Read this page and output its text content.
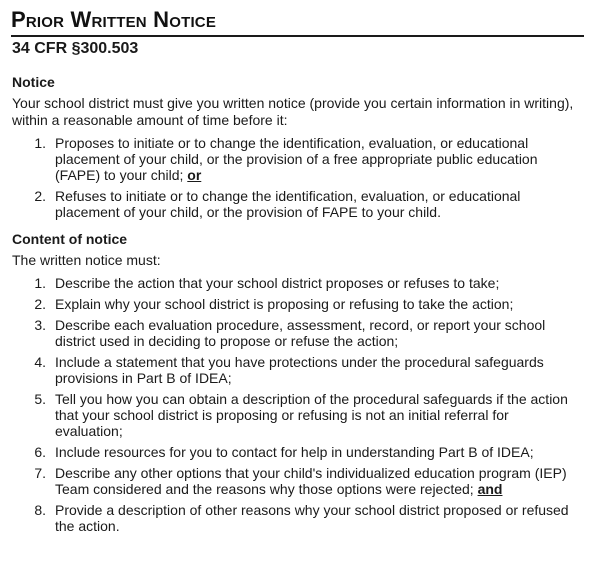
Prior Written Notice
34 CFR §300.503
Notice
Your school district must give you written notice (provide you certain information in writing), within a reasonable amount of time before it:
1. Proposes to initiate or to change the identification, evaluation, or educational placement of your child, or the provision of a free appropriate public education (FAPE) to your child; or
2. Refuses to initiate or to change the identification, evaluation, or educational placement of your child, or the provision of FAPE to your child.
Content of notice
The written notice must:
1. Describe the action that your school district proposes or refuses to take;
2. Explain why your school district is proposing or refusing to take the action;
3. Describe each evaluation procedure, assessment, record, or report your school district used in deciding to propose or refuse the action;
4. Include a statement that you have protections under the procedural safeguards provisions in Part B of IDEA;
5. Tell you how you can obtain a description of the procedural safeguards if the action that your school district is proposing or refusing is not an initial referral for evaluation;
6. Include resources for you to contact for help in understanding Part B of IDEA;
7. Describe any other options that your child's individualized education program (IEP) Team considered and the reasons why those options were rejected; and
8. Provide a description of other reasons why your school district proposed or refused the action.
